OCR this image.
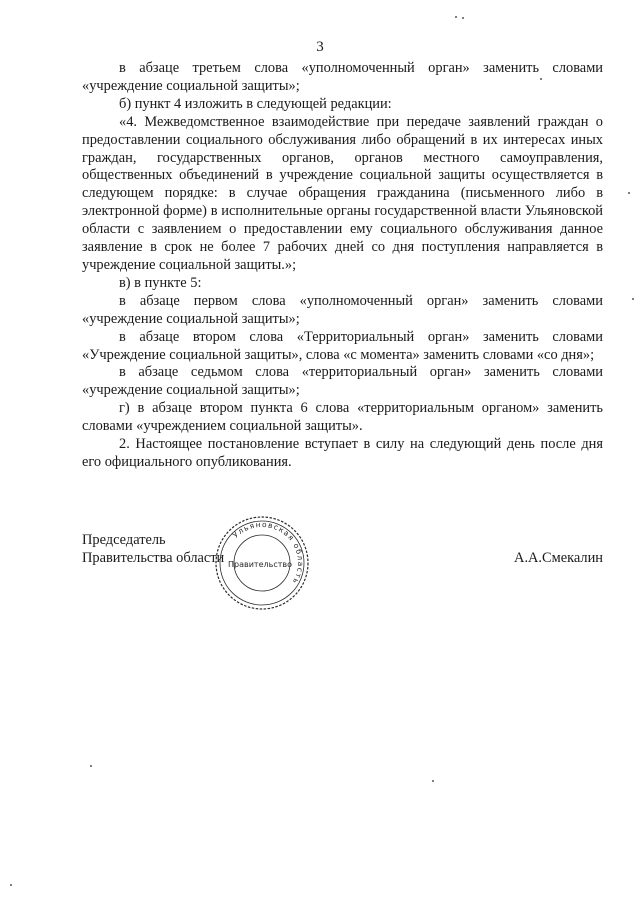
3

в абзаце третьем слова «уполномоченный орган» заменить словами «учреждение социальной защиты»;

б) пункт 4 изложить в следующей редакции:

«4. Межведомственное взаимодействие при передаче заявлений граждан о предоставлении социального обслуживания либо обращений в их интересах иных граждан, государственных органов, органов местного самоуправления, общественных объединений в учреждение социальной защиты осуществляется в следующем порядке: в случае обращения гражданина (письменного либо в электронной форме) в исполнительные органы государственной власти Ульяновской области с заявлением о предоставлении ему социального обслуживания данное заявление в срок не более 7 рабочих дней со дня поступления направляется в учреждение социальной защиты.»;

в) в пункте 5:

в абзаце первом слова «уполномоченный орган» заменить словами «учреждение социальной защиты»;

в абзаце втором слова «Территориальный орган» заменить словами «Учреждение социальной защиты», слова «с момента» заменить словами «со дня»;

в абзаце седьмом слова «территориальный орган» заменить словами «учреждение социальной защиты»;

г) в абзаце втором пункта 6 слова «территориальным органом» заменить словами «учреждением социальной защиты».

2. Настоящее постановление вступает в силу на следующий день после дня его официального опубликования.

Председатель
Правительства области	А.А.Смекалин
Ульяновская область
Правительство
